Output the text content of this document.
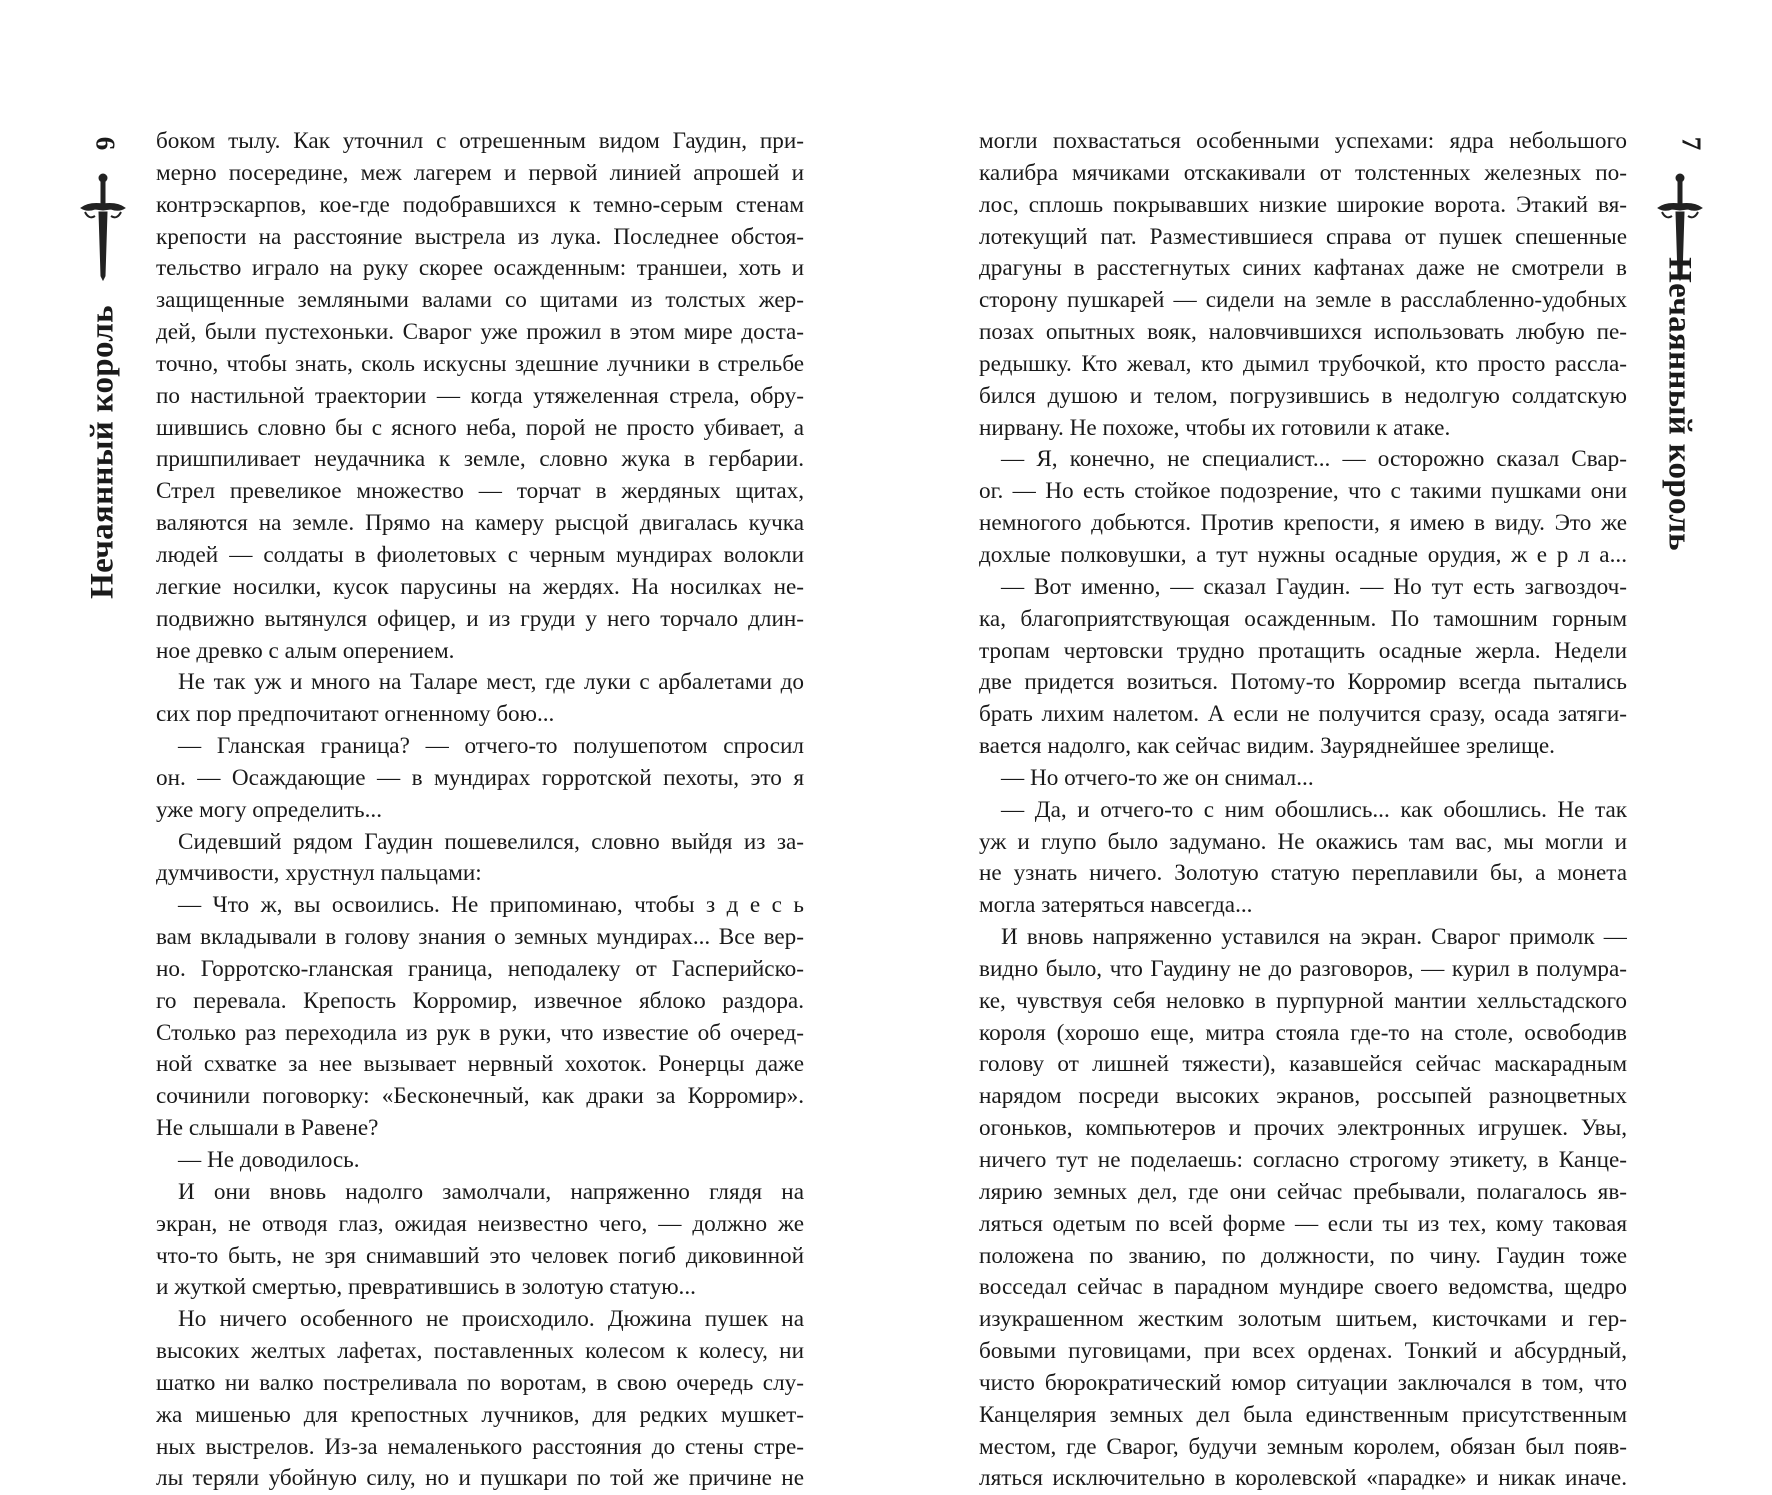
6
Нечаянный король
боком тылу. Как уточнил с отрешенным видом Гаудин, при-
мерно посередине, меж лагерем и первой линией апрошей и
контрэскарпов, кое-где подобравшихся к темно-серым стенам
крепости на расстояние выстрела из лука. Последнее обстоя-
тельство играло на руку скорее осажденным: траншеи, хоть и
защищенные земляными валами со щитами из толстых жер-
дей, были пустехоньки. Сварог уже прожил в этом мире доста-
точно, чтобы знать, сколь искусны здешние лучники в стрельбе
по настильной траектории — когда утяжеленная стрела, обру-
шившись словно бы с ясного неба, порой не просто убивает, а
пришпиливает неудачника к земле, словно жука в гербарии.
Стрел превеликое множество — торчат в жердяных щитах,
валяются на земле. Прямо на камеру рысцой двигалась кучка
людей — солдаты в фиолетовых с черным мундирах волокли
легкие носилки, кусок парусины на жердях. На носилках не-
подвижно вытянулся офицер, и из груди у него торчало длин-
ное древко с алым оперением.
Не так уж и много на Таларе мест, где луки с арбалетами до
сих пор предпочитают огненному бою...
— Гланская граница? — отчего-то полушепотом спросил
он. — Осаждающие — в мундирах горротской пехоты, это я
уже могу определить...
Сидевший рядом Гаудин пошевелился, словно выйдя из за-
думчивости, хрустнул пальцами:
— Что ж, вы освоились. Не припоминаю, чтобы з д е с ь
вам вкладывали в голову знания о земных мундирах... Все вер-
но. Горротско-гланская граница, неподалеку от Гасперийско-
го перевала. Крепость Корромир, извечное яблоко раздора.
Столько раз переходила из рук в руки, что известие об очеред-
ной схватке за нее вызывает нервный хохоток. Ронерцы даже
сочинили поговорку: «Бесконечный, как драки за Корромир».
Не слышали в Равене?
— Не доводилось.
И они вновь надолго замолчали, напряженно глядя на
экран, не отводя глаз, ожидая неизвестно чего, — должно же
что-то быть, не зря снимавший это человек погиб диковинной
и жуткой смертью, превратившись в золотую статую...
Но ничего особенного не происходило. Дюжина пушек на
высоких желтых лафетах, поставленных колесом к колесу, ни
шатко ни валко постреливала по воротам, в свою очередь слу-
жа мишенью для крепостных лучников, для редких мушкет-
ных выстрелов. Из-за немаленького расстояния до стены стре-
лы теряли убойную силу, но и пушкари по той же причине не
7
Нечаянный король
могли похвастаться особенными успехами: ядра небольшого
калибра мячиками отскакивали от толстенных железных по-
лос, сплошь покрывавших низкие широкие ворота. Этакий вя-
лотекущий пат. Разместившиеся справа от пушек спешенные
драгуны в расстегнутых синих кафтанах даже не смотрели в
сторону пушкарей — сидели на земле в расслабленно-удобных
позах опытных вояк, наловчившихся использовать любую пе-
редышку. Кто жевал, кто дымил трубочкой, кто просто рассла-
бился душою и телом, погрузившись в недолгую солдатскую
нирвану. Не похоже, чтобы их готовили к атаке.
— Я, конечно, не специалист... — осторожно сказал Свар-
ог. — Но есть стойкое подозрение, что с такими пушками они
немногого добьются. Против крепости, я имею в виду. Это же
дохлые полковушки, а тут нужны осадные орудия, ж е р л а...
— Вот именно, — сказал Гаудин. — Но тут есть загвоздоч-
ка, благоприятствующая осажденным. По тамошним горным
тропам чертовски трудно протащить осадные жерла. Недели
две придется возиться. Потому-то Корромир всегда пытались
брать лихим налетом. А если не получится сразу, осада затяги-
вается надолго, как сейчас видим. Зауряднейшее зрелище.
— Но отчего-то же он снимал...
— Да, и отчего-то с ним обошлись... как обошлись. Не так
уж и глупо было задумано. Не окажись там вас, мы могли и
не узнать ничего. Золотую статую переплавили бы, а монета
могла затеряться навсегда...
И вновь напряженно уставился на экран. Сварог примолк —
видно было, что Гаудину не до разговоров, — курил в полумра-
ке, чувствуя себя неловко в пурпурной мантии хелльстадского
короля (хорошо еще, митра стояла где-то на столе, освободив
голову от лишней тяжести), казавшейся сейчас маскарадным
нарядом посреди высоких экранов, россыпей разноцветных
огоньков, компьютеров и прочих электронных игрушек. Увы,
ничего тут не поделаешь: согласно строгому этикету, в Канце-
лярию земных дел, где они сейчас пребывали, полагалось яв-
ляться одетым по всей форме — если ты из тех, кому таковая
положена по званию, по должности, по чину. Гаудин тоже
восседал сейчас в парадном мундире своего ведомства, щедро
изукрашенном жестким золотым шитьем, кисточками и гер-
бовыми пуговицами, при всех орденах. Тонкий и абсурдный,
чисто бюрократический юмор ситуации заключался в том, что
Канцелярия земных дел была единственным присутственным
местом, где Сварог, будучи земным королем, обязан был появ-
ляться исключительно в королевской «парадке» и никак иначе.
